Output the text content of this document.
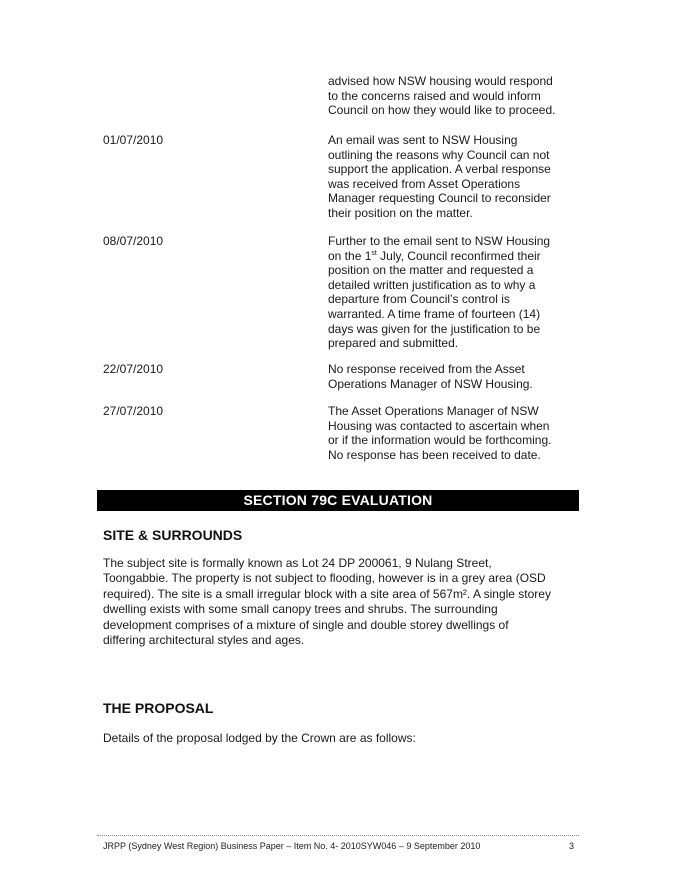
advised how NSW housing would respond
to the concerns raised and would inform
Council on how they would like to proceed.
01/07/2010	An email was sent to NSW Housing
outlining the reasons why Council can not
support the application. A verbal response
was received from Asset Operations
Manager requesting Council to reconsider
their position on the matter.
08/07/2010	Further to the email sent to NSW Housing
on the 1st July, Council reconfirmed their
position on the matter and requested a
detailed written justification as to why a
departure from Council’s control is
warranted. A time frame of fourteen (14)
days was given for the justification to be
prepared and submitted.
22/07/2010	No response received from the Asset
Operations Manager of NSW Housing.
27/07/2010	The Asset Operations Manager of NSW
Housing was contacted to ascertain when
or if the information would be forthcoming.
No response has been received to date.
SECTION 79C EVALUATION
SITE & SURROUNDS
The subject site is formally known as Lot 24 DP 200061, 9 Nulang Street,
Toongabbie. The property is not subject to flooding, however is in a grey area (OSD
required). The site is a small irregular block with a site area of 567m². A single storey
dwelling exists with some small canopy trees and shrubs. The surrounding
development comprises of a mixture of single and double storey dwellings of
differing architectural styles and ages.
THE PROPOSAL
Details of the proposal lodged by the Crown are as follows:
JRPP (Sydney West Region) Business Paper – Item No. 4- 2010SYW046 – 9 September 2010	3
